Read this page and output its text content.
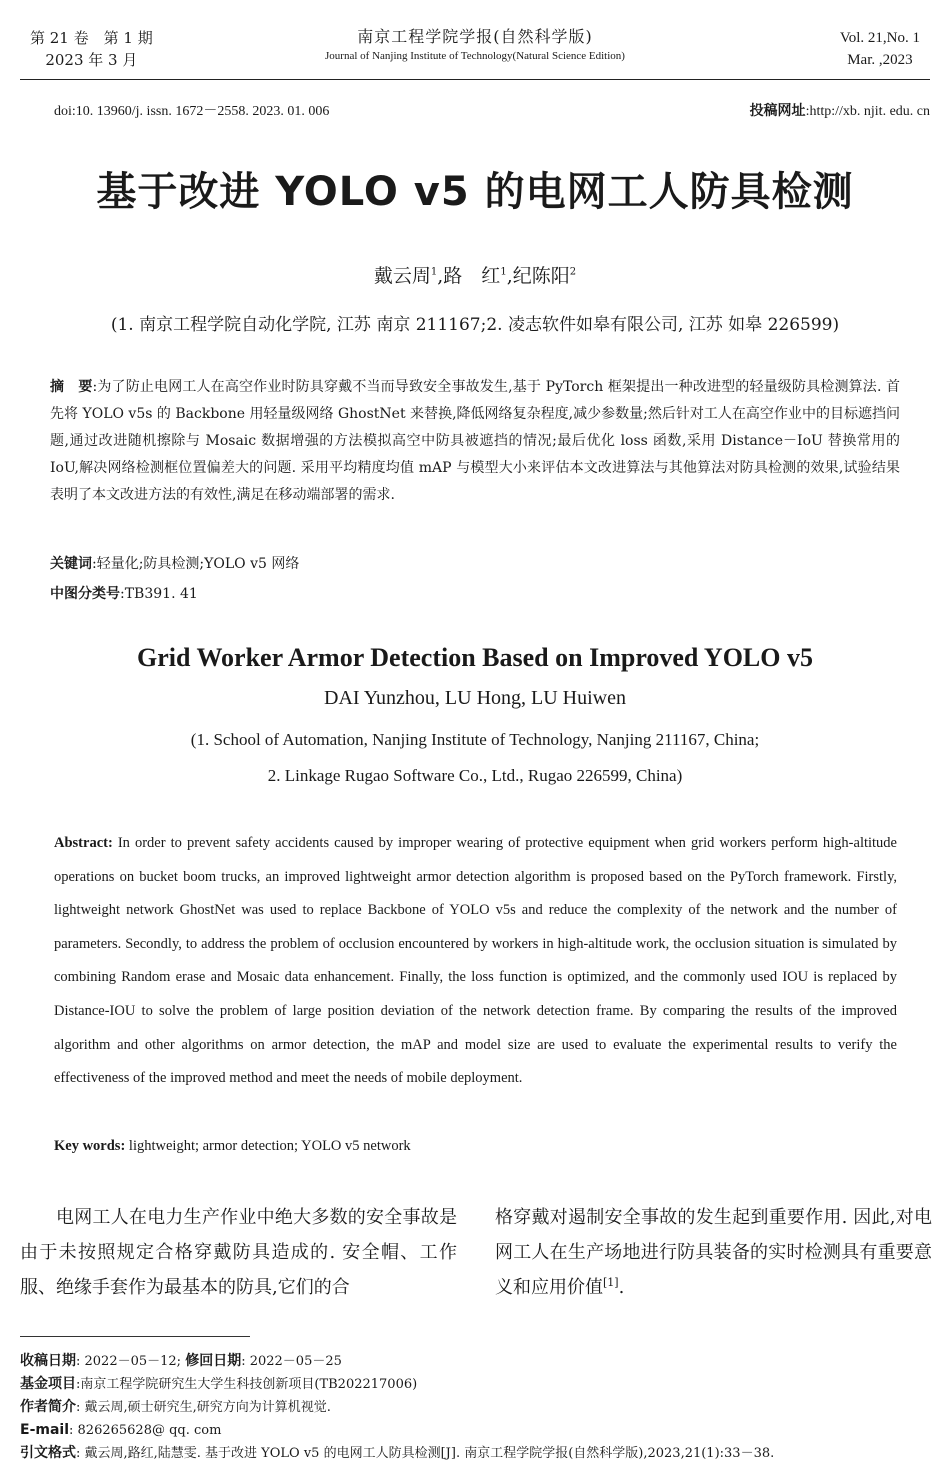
第 21 卷　第 1 期
2023 年 3 月
南京工程学院学报(自然科学版)
Journal of Nanjing Institute of Technology(Natural Science Edition)
Vol. 21,No. 1
Mar. ,2023
doi:10. 13960/j. issn. 1672－2558. 2023. 01. 006	投稿网址:http://xb. njit. edu. cn
基于改进 YOLO v5 的电网工人防具检测
戴云周$^1$,路　红$^1$,纪陈阳$^2$
(1. 南京工程学院自动化学院, 江苏 南京 211167;2. 凌志软件如皋有限公司, 江苏 如皋 226599)
摘　要:为了防止电网工人在高空作业时防具穿戴不当而导致安全事故发生,基于 PyTorch 框架提出一种改进型的轻量级防具检测算法. 首先将 YOLO v5s 的 Backbone 用轻量级网络 GhostNet 来替换,降低网络复杂程度,减少参数量;然后针对工人在高空作业中的目标遮挡问题,通过改进随机擦除与 Mosaic 数据增强的方法模拟高空中防具被遮挡的情况;最后优化 loss 函数,采用 Distance－IoU 替换常用的 IoU,解决网络检测框位置偏差大的问题. 采用平均精度均值 mAP 与模型大小来评估本文改进算法与其他算法对防具检测的效果,试验结果表明了本文改进方法的有效性,满足在移动端部署的需求.
关键词:轻量化;防具检测;YOLO v5 网络
中图分类号:TB391. 41
Grid Worker Armor Detection Based on Improved YOLO v5
DAI Yunzhou, LU Hong, LU Huiwen
(1. School of Automation, Nanjing Institute of Technology, Nanjing 211167, China;
2. Linkage Rugao Software Co., Ltd., Rugao 226599, China)
Abstract: In order to prevent safety accidents caused by improper wearing of protective equipment when grid workers perform high-altitude operations on bucket boom trucks, an improved lightweight armor detection algorithm is proposed based on the PyTorch framework. Firstly, lightweight network GhostNet was used to replace Backbone of YOLO v5s and reduce the complexity of the network and the number of parameters. Secondly, to address the problem of occlusion encountered by workers in high-altitude work, the occlusion situation is simulated by combining Random erase and Mosaic data enhancement. Finally, the loss function is optimized, and the commonly used IOU is replaced by Distance-IOU to solve the problem of large position deviation of the network detection frame. By comparing the results of the improved algorithm and other algorithms on armor detection, the mAP and model size are used to evaluate the experimental results to verify the effectiveness of the improved method and meet the needs of mobile deployment.
Key words: lightweight; armor detection; YOLO v5 network

电网工人在电力生产作业中绝大多数的安全事故是由于未按照规定合格穿戴防具造成的. 安全帽、工作服、绝缘手套作为最基本的防具,它们的合

格穿戴对遏制安全事故的发生起到重要作用. 因此,对电网工人在生产场地进行防具装备的实时检测具有重要意义和应用价值[1].

收稿日期: 2022－05－12; 修回日期: 2022－05－25
基金项目:南京工程学院研究生大学生科技创新项目(TB202217006)
作者简介: 戴云周,硕士研究生,研究方向为计算机视觉.
E-mail: 826265628@ qq. com
引文格式: 戴云周,路红,陆慧雯. 基于改进 YOLO v5 的电网工人防具检测[J]. 南京工程学院学报(自然科学版),2023,21(1):33－38.
